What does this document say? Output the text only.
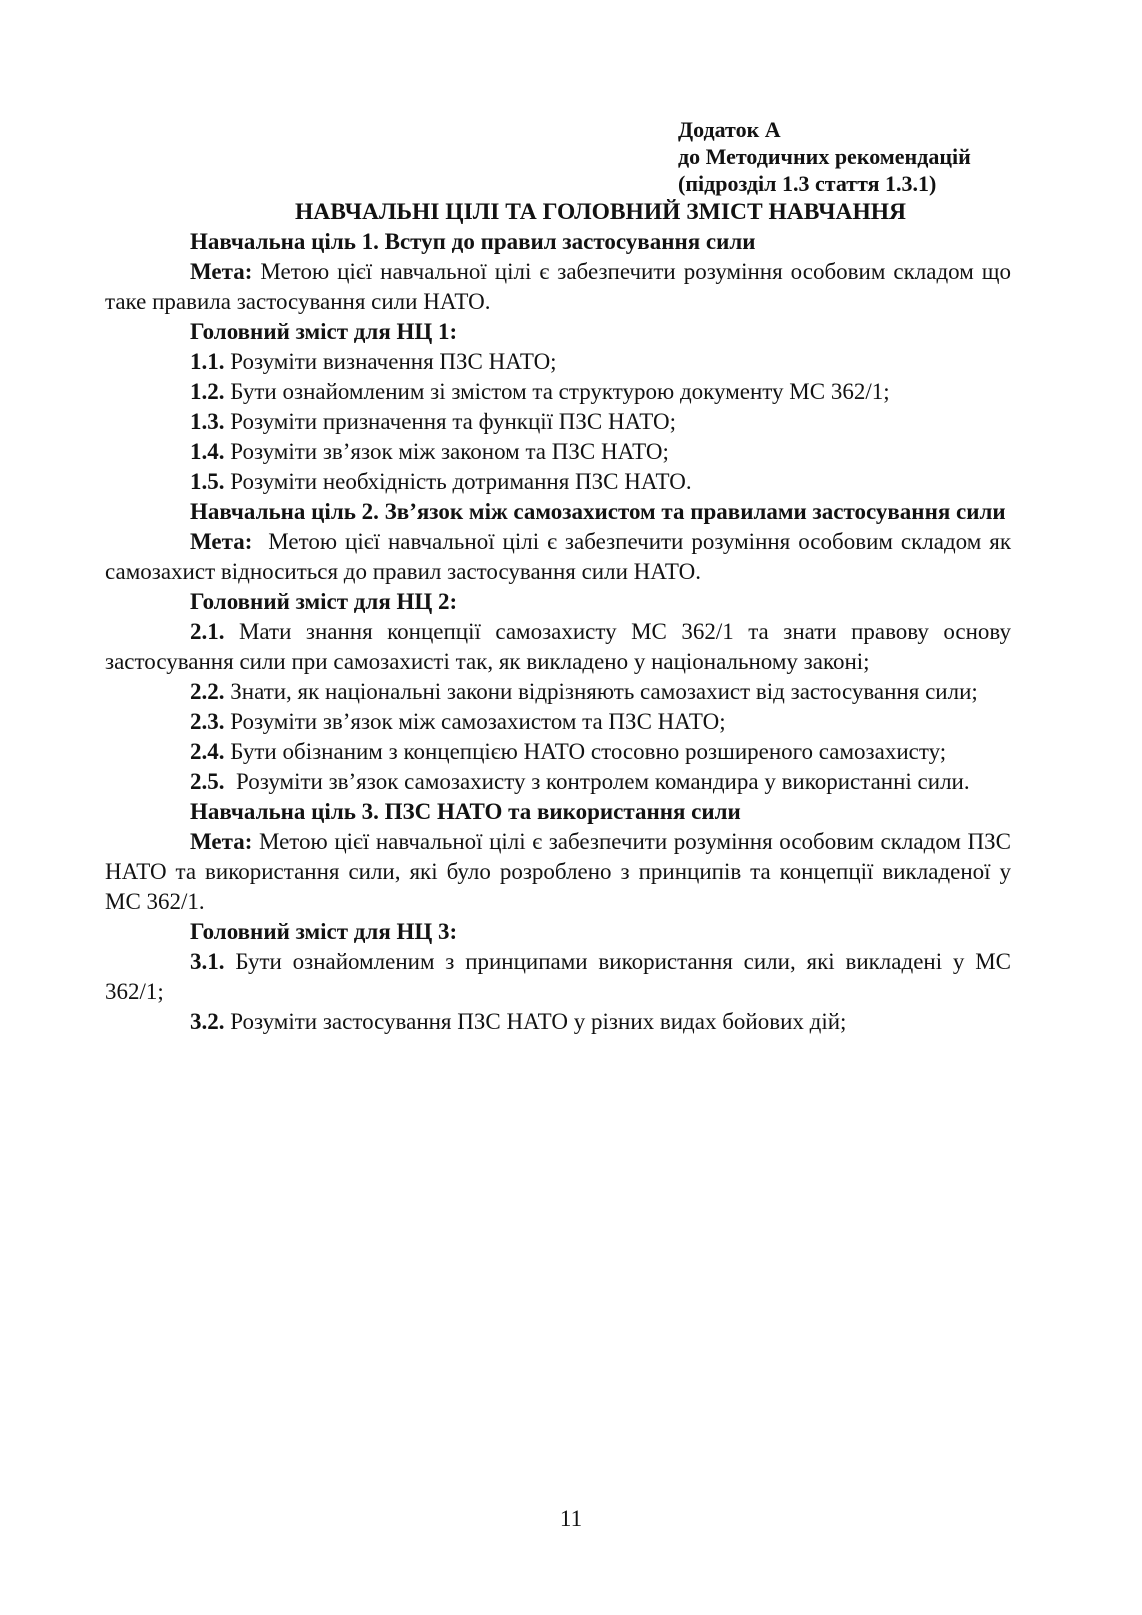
Додаток А
до Методичних рекомендацій
(підрозділ 1.3 стаття 1.3.1)

НАВЧАЛЬНІ ЦІЛІ ТА ГОЛОВНИЙ ЗМІСТ НАВЧАННЯ

Навчальна ціль 1. Вступ до правил застосування сили

Мета: Метою цієї навчальної цілі є забезпечити розуміння особовим складом що таке правила застосування сили НАТО.

Головний зміст для НЦ 1:

1.1. Розуміти визначення ПЗС НАТО;

1.2. Бути ознайомленим зі змістом та структурою документу МС 362/1;

1.3. Розуміти призначення та функції ПЗС НАТО;

1.4. Розуміти зв’язок між законом та ПЗС НАТО;

1.5. Розуміти необхідність дотримання ПЗС НАТО.

Навчальна ціль 2. Зв’язок між самозахистом та правилами застосування сили

Мета: Метою цієї навчальної цілі є забезпечити розуміння особовим складом як самозахист відноситься до правил застосування сили НАТО.

Головний зміст для НЦ 2:

2.1. Мати знання концепції самозахисту МС 362/1 та знати правову основу застосування сили при самозахисті так, як викладено у національному законі;

2.2. Знати, як національні закони відрізняють самозахист від застосування сили;

2.3. Розуміти зв’язок між самозахистом та ПЗС НАТО;

2.4. Бути обізнаним з концепцією НАТО стосовно розширеного самозахисту;

2.5. Розуміти зв’язок самозахисту з контролем командира у використанні сили.

Навчальна ціль 3. ПЗС НАТО та використання сили

Мета: Метою цієї навчальної цілі є забезпечити розуміння особовим складом ПЗС НАТО та використання сили, які було розроблено з принципів та концепції викладеної у МС 362/1.

Головний зміст для НЦ 3:

3.1. Бути ознайомленим з принципами використання сили, які викладені у МС 362/1;

3.2. Розуміти застосування ПЗС НАТО у різних видах бойових дій;

11
